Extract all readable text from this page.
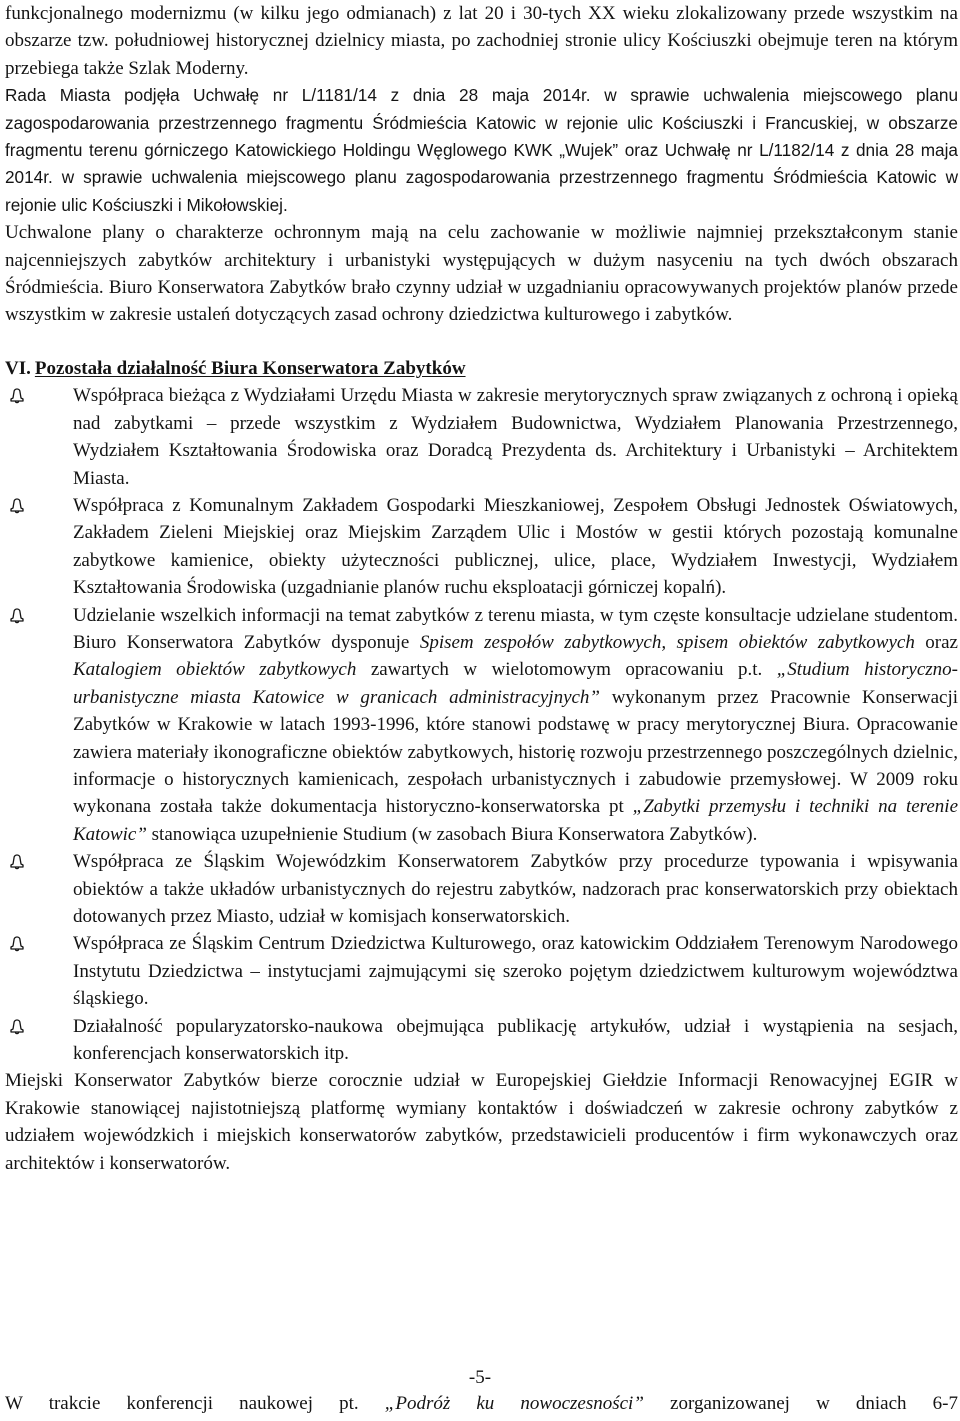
funkcjonalnego modernizmu (w kilku jego odmianach) z lat 20 i 30-tych XX wieku zlokalizowany przede wszystkim na obszarze tzw. południowej historycznej dzielnicy miasta, po zachodniej stronie ulicy Kościuszki obejmuje teren na którym przebiega także Szlak Moderny.

Rada Miasta podjęła Uchwałę nr L/1181/14 z dnia 28 maja 2014r. w sprawie uchwalenia miejscowego planu zagospodarowania przestrzennego fragmentu Śródmieścia Katowic w rejonie ulic Kościuszki i Francuskiej, w obszarze fragmentu terenu górniczego Katowickiego Holdingu Węglowego KWK „Wujek” oraz Uchwałę nr L/1182/14 z dnia 28 maja 2014r. w sprawie uchwalenia miejscowego planu zagospodarowania przestrzennego fragmentu Śródmieścia Katowic w rejonie ulic Kościuszki i Mikołowskiej.

Uchwalone plany o charakterze ochronnym mają na celu zachowanie w możliwie najmniej przekształconym stanie najcenniejszych zabytków architektury i urbanistyki występujących w dużym nasyceniu na tych dwóch obszarach Śródmieścia. Biuro Konserwatora Zabytków brało czynny udział w uzgadnianiu opracowywanych projektów planów przede wszystkim w zakresie ustaleń dotyczących zasad ochrony dziedzictwa kulturowego i zabytków.

VI. Pozostała działalność Biura Konserwatora Zabytków

Współpraca bieżąca z Wydziałami Urzędu Miasta w zakresie merytorycznych spraw związanych z ochroną i opieką nad zabytkami – przede wszystkim z Wydziałem Budownictwa, Wydziałem Planowania Przestrzennego, Wydziałem Kształtowania Środowiska oraz Doradcą Prezydenta ds. Architektury i Urbanistyki – Architektem Miasta.
Współpraca z Komunalnym Zakładem Gospodarki Mieszkaniowej, Zespołem Obsługi Jednostek Oświatowych, Zakładem Zieleni Miejskiej oraz Miejskim Zarządem Ulic i Mostów w gestii których pozostają komunalne zabytkowe kamienice, obiekty użyteczności publicznej, ulice, place, Wydziałem Inwestycji, Wydziałem Kształtowania Środowiska (uzgadnianie planów ruchu eksploatacji górniczej kopalń).
Udzielanie wszelkich informacji na temat zabytków z terenu miasta, w tym częste konsultacje udzielane studentom. Biuro Konserwatora Zabytków dysponuje Spisem zespołów zabytkowych, spisem obiektów zabytkowych oraz Katalogiem obiektów zabytkowych zawartych w wielotomowym opracowaniu p.t. „Studium historyczno-urbanistyczne miasta Katowice w granicach administracyjnych” wykonanym przez Pracownie Konserwacji Zabytków w Krakowie w latach 1993-1996, które stanowi podstawę w pracy merytorycznej Biura. Opracowanie zawiera materiały ikonograficzne obiektów zabytkowych, historię rozwoju przestrzennego poszczególnych dzielnic, informacje o historycznych kamienicach, zespołach urbanistycznych i zabudowie przemysłowej. W 2009 roku wykonana została także dokumentacja historyczno-konserwatorska pt „Zabytki przemysłu i techniki na terenie Katowic” stanowiąca uzupełnienie Studium (w zasobach Biura Konserwatora Zabytków).
Współpraca ze Śląskim Wojewódzkim Konserwatorem Zabytków przy procedurze typowania i wpisywania obiektów a także układów urbanistycznych do rejestru zabytków, nadzorach prac konserwatorskich przy obiektach dotowanych przez Miasto, udział w komisjach konserwatorskich.
Współpraca ze Śląskim Centrum Dziedzictwa Kulturowego, oraz katowickim Oddziałem Terenowym Narodowego Instytutu Dziedzictwa – instytucjami zajmującymi się szeroko pojętym dziedzictwem kulturowym województwa śląskiego.
Działalność popularyzatorsko-naukowa obejmująca publikację artykułów, udział i wystąpienia na sesjach, konferencjach konserwatorskich itp.

Miejski Konserwator Zabytków bierze corocznie udział w Europejskiej Giełdzie Informacji Renowacyjnej EGIR w Krakowie stanowiącej najistotniejszą platformę wymiany kontaktów i doświadczeń w zakresie ochrony zabytków z udziałem wojewódzkich i miejskich konserwatorów zabytków, przedstawicieli producentów i firm wykonawczych oraz architektów i konserwatorów.

-5-

W trakcie konferencji naukowej pt. „Podróż ku nowoczesności” zorganizowanej w dniach 6-7
